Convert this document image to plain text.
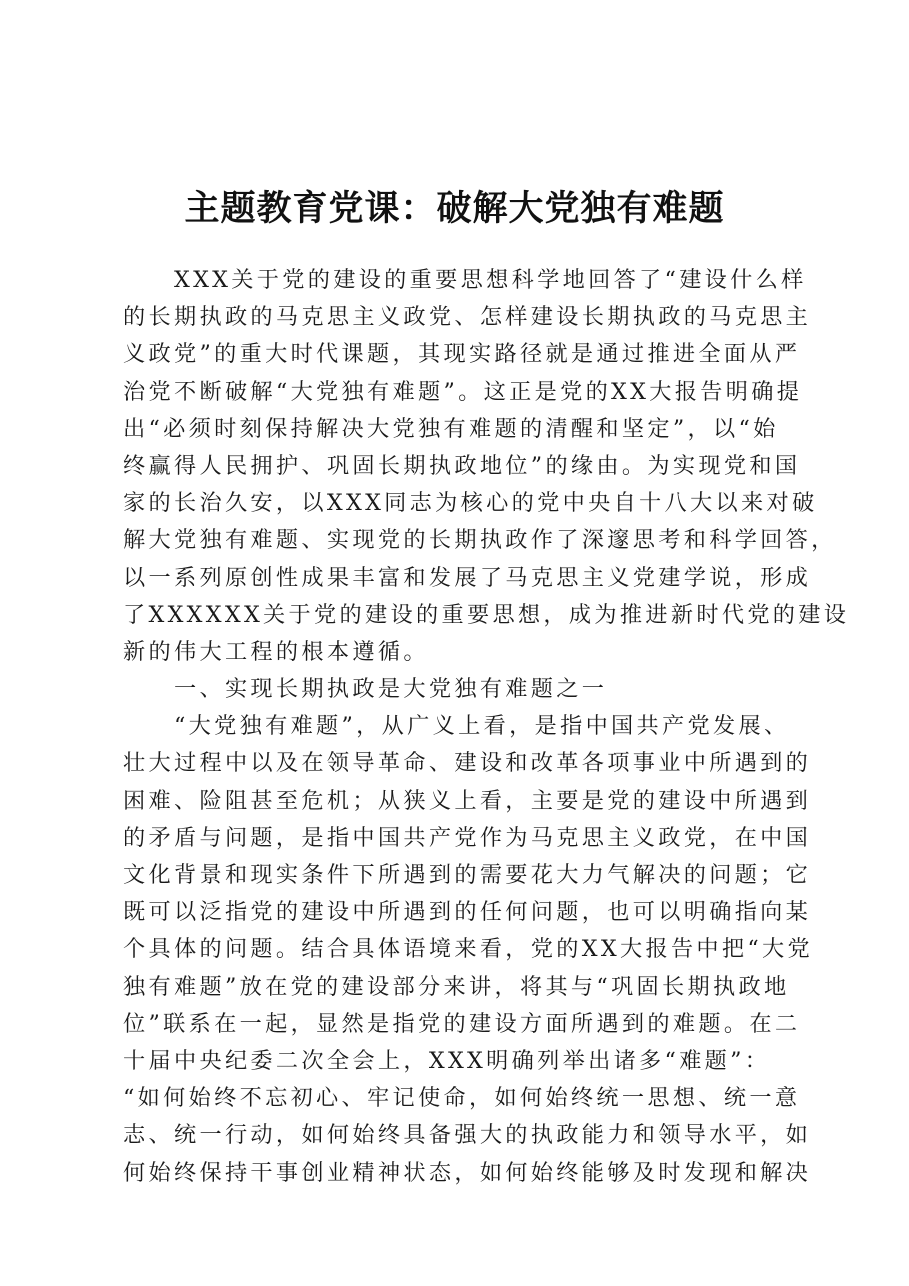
主题教育党课：破解大党独有难题
　　XXX关于党的建设的重要思想科学地回答了“建设什么样
的长期执政的马克思主义政党、怎样建设长期执政的马克思主
义政党”的重大时代课题，其现实路径就是通过推进全面从严
治党不断破解“大党独有难题”。这正是党的XX大报告明确提
出“必须时刻保持解决大党独有难题的清醒和坚定”，以“始
终赢得人民拥护、巩固长期执政地位”的缘由。为实现党和国
家的长治久安，以XXX同志为核心的党中央自十八大以来对破
解大党独有难题、实现党的长期执政作了深邃思考和科学回答，
以一系列原创性成果丰富和发展了马克思主义党建学说，形成
了XXXXXX关于党的建设的重要思想，成为推进新时代党的建设
新的伟大工程的根本遵循。
　　一、实现长期执政是大党独有难题之一
　　“大党独有难题”，从广义上看，是指中国共产党发展、
壮大过程中以及在领导革命、建设和改革各项事业中所遇到的
困难、险阻甚至危机；从狭义上看，主要是党的建设中所遇到
的矛盾与问题，是指中国共产党作为马克思主义政党，在中国
文化背景和现实条件下所遇到的需要花大力气解决的问题；它
既可以泛指党的建设中所遇到的任何问题，也可以明确指向某
个具体的问题。结合具体语境来看，党的XX大报告中把“大党
独有难题”放在党的建设部分来讲，将其与“巩固长期执政地
位”联系在一起，显然是指党的建设方面所遇到的难题。在二
十届中央纪委二次全会上，XXX明确列举出诸多“难题”：
“如何始终不忘初心、牢记使命，如何始终统一思想、统一意
志、统一行动，如何始终具备强大的执政能力和领导水平，如
何始终保持干事创业精神状态，如何始终能够及时发现和解决
